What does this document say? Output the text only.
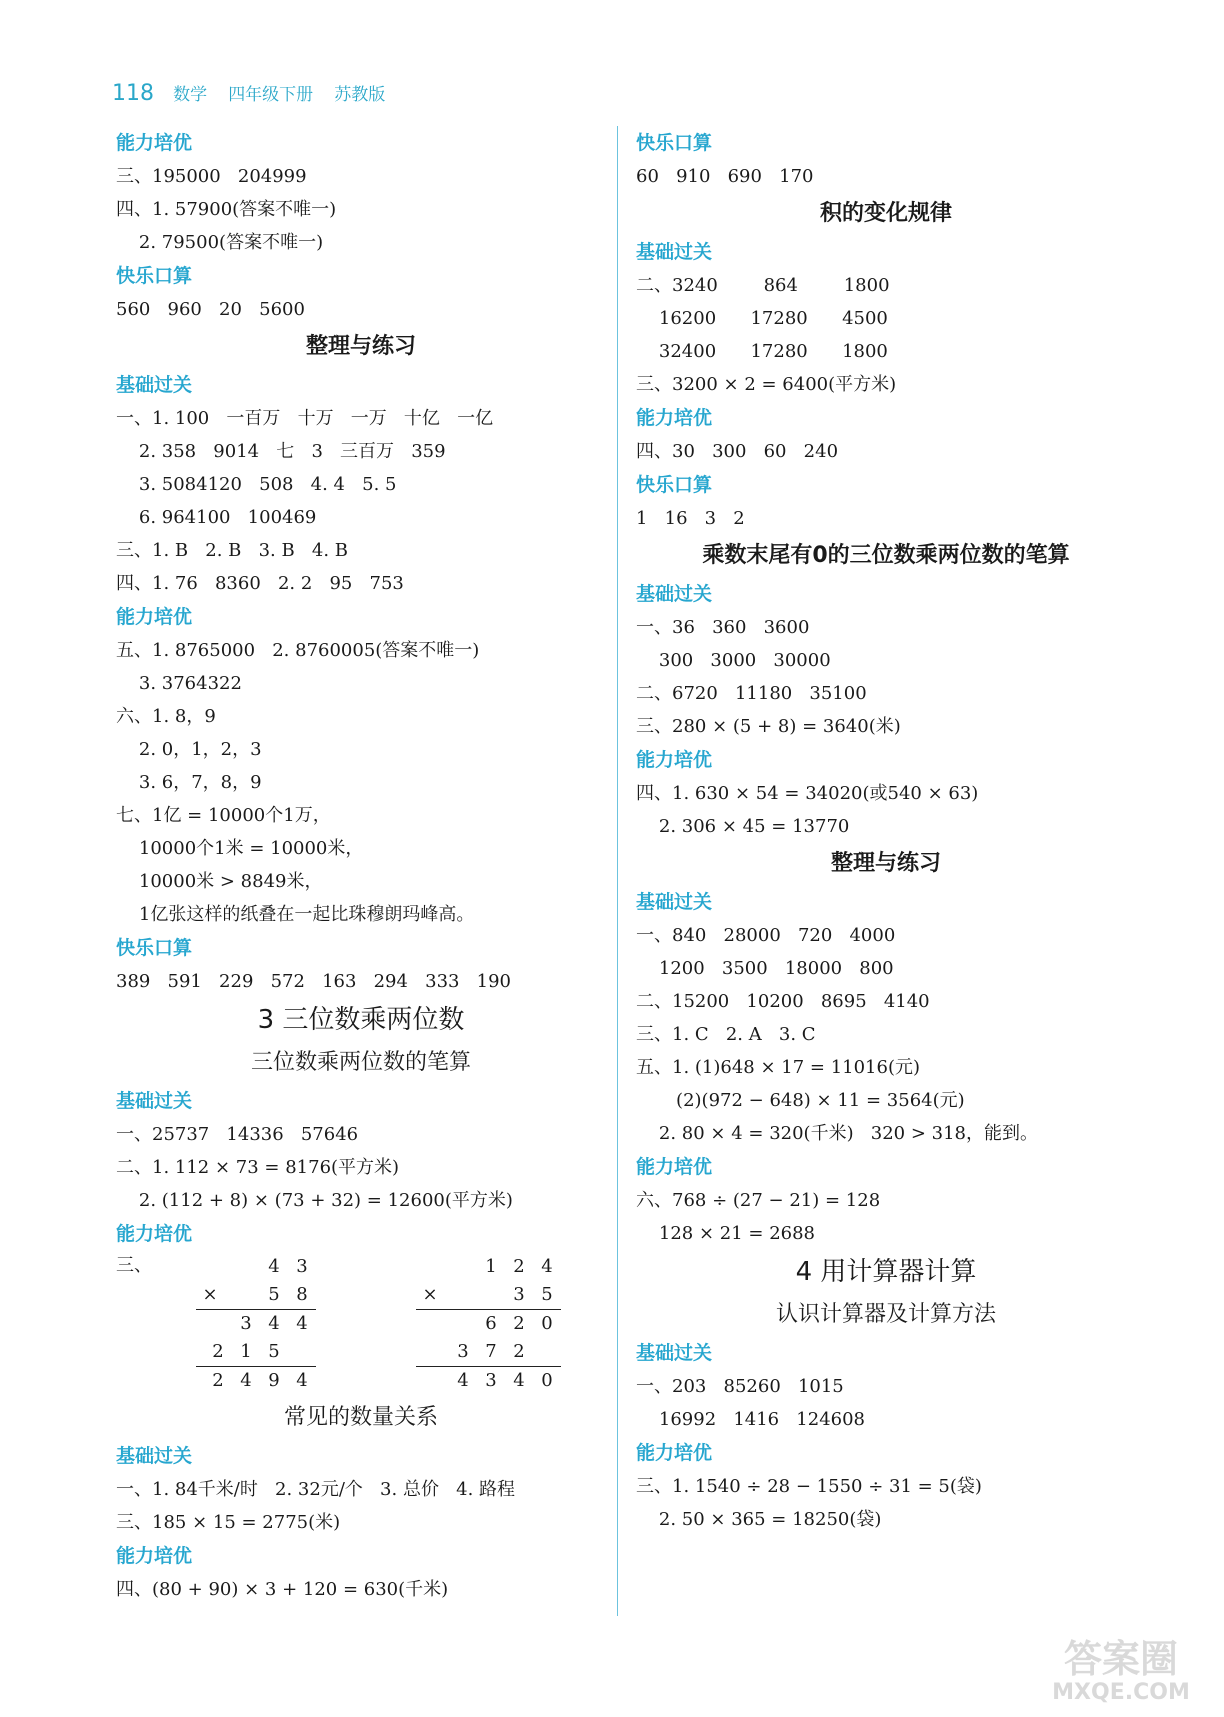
118 数学 四年级下册 苏教版
能力培优
三、195000   204999
四、1. 57900(答案不唯一)
2. 79500(答案不唯一)
快乐口算
560   960   20   5600
整理与练习
基础过关
一、1. 100   一百万   十万   一万   十亿   一亿
2. 358   9014   七   3   三百万   359
3. 5084120   508   4. 4   5. 5
6. 964100   100469
三、1. B   2. B   3. B   4. B
四、1. 76   8360   2. 2   95   753
能力培优
五、1. 8765000   2. 8760005(答案不唯一)
3. 3764322
六、1. 8，9
2. 0，1，2，3
3. 6，7，8，9
七、1亿 = 10000个1万，
10000个1米 = 10000米，
10000米 > 8849米，
1亿张这样的纸叠在一起比珠穆朗玛峰高。
快乐口算
389   591   229   572   163   294   333   190
3 三位数乘两位数
三位数乘两位数的笔算
基础过关
一、25737   14336   57646
二、1. 112 × 73 = 8176(平方米)
2. (112 + 8) × (73 + 32) = 12600(平方米)
能力培优
三、	4 3
×	5 8
3 4 4
2 1 5
2 4 9 4
1 2 4
×	3 5
6 2 0
3 7 2
4 3 4 0
常见的数量关系
基础过关
一、1. 84千米/时   2. 32元/个   3. 总价   4. 路程
三、185 × 15 = 2775(米)
能力培优
四、(80 + 90) × 3 + 120 = 630(千米)
快乐口算
60   910   690   170
积的变化规律
基础过关
二、3240        864        1800
16200      17280      4500
32400      17280      1800
三、3200 × 2 = 6400(平方米)
能力培优
四、30   300   60   240
快乐口算
1   16   3   2
乘数末尾有0的三位数乘两位数的笔算
基础过关
一、36   360   3600
300   3000   30000
二、6720   11180   35100
三、280 × (5 + 8) = 3640(米)
能力培优
四、1. 630 × 54 = 34020(或540 × 63)
2. 306 × 45 = 13770
整理与练习
基础过关
一、840   28000   720   4000
1200   3500   18000   800
二、15200   10200   8695   4140
三、1. C   2. A   3. C
五、1. (1)648 × 17 = 11016(元)
(2)(972 − 648) × 11 = 3564(元)
2. 80 × 4 = 320(千米)   320 > 318，能到。
能力培优
六、768 ÷ (27 − 21) = 128
128 × 21 = 2688
4 用计算器计算
认识计算器及计算方法
基础过关
一、203   85260   1015
16992   1416   124608
能力培优
三、1. 1540 ÷ 28 − 1550 ÷ 31 = 5(袋)
2. 50 × 365 = 18250(袋)
答案圈
MXQE.COM
